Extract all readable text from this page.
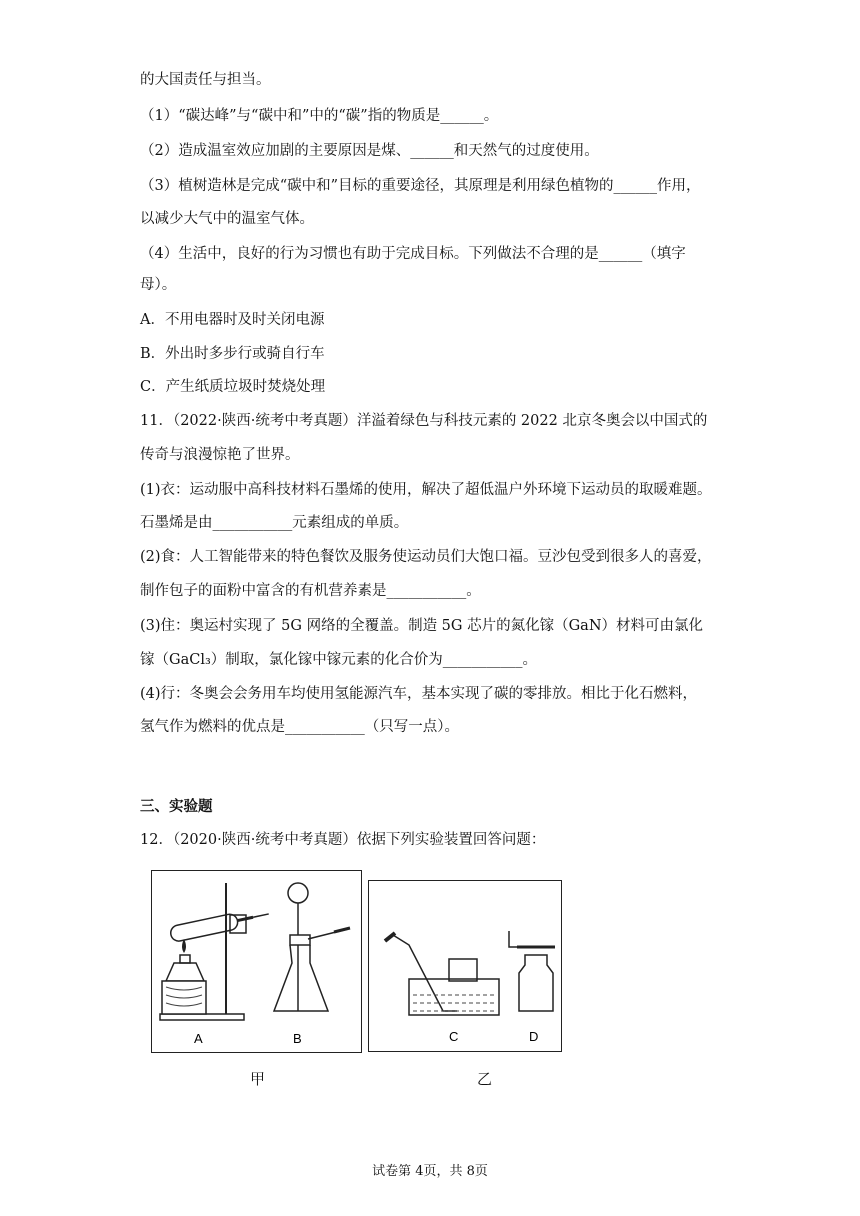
的大国责任与担当。
（1）“碳达峰”与“碳中和”中的“碳”指的物质是______。
（2）造成温室效应加剧的主要原因是煤、______和天然气的过度使用。
（3）植树造林是完成“碳中和”目标的重要途径，其原理是利用绿色植物的______作用，
以减少大气中的温室气体。
（4）生活中，良好的行为习惯也有助于完成目标。下列做法不合理的是______（填字
母）。
A．不用电器时及时关闭电源
B．外出时多步行或骑自行车
C．产生纸质垃圾时焚烧处理
11．（2022·陕西·统考中考真题）洋溢着绿色与科技元素的 2022 北京冬奥会以中国式的
传奇与浪漫惊艳了世界。
(1)衣：运动服中高科技材料石墨烯的使用，解决了超低温户外环境下运动员的取暖难题。
石墨烯是由___________元素组成的单质。
(2)食：人工智能带来的特色餐饮及服务使运动员们大饱口福。豆沙包受到很多人的喜爱，
制作包子的面粉中富含的有机营养素是___________。
(3)住：奥运村实现了 5G 网络的全覆盖。制造 5G 芯片的氮化镓（GaN）材料可由氯化
镓（GaCl₃）制取，氯化镓中镓元素的化合价为___________。
(4)行：冬奥会会务用车均使用氢能源汽车，基本实现了碳的零排放。相比于化石燃料，
氢气作为燃料的优点是___________（只写一点）。
三、实验题
12．（2020·陕西·统考中考真题）依据下列实验装置回答问题：
A	B	C	D
甲	乙
试卷第 4页，共 8页
